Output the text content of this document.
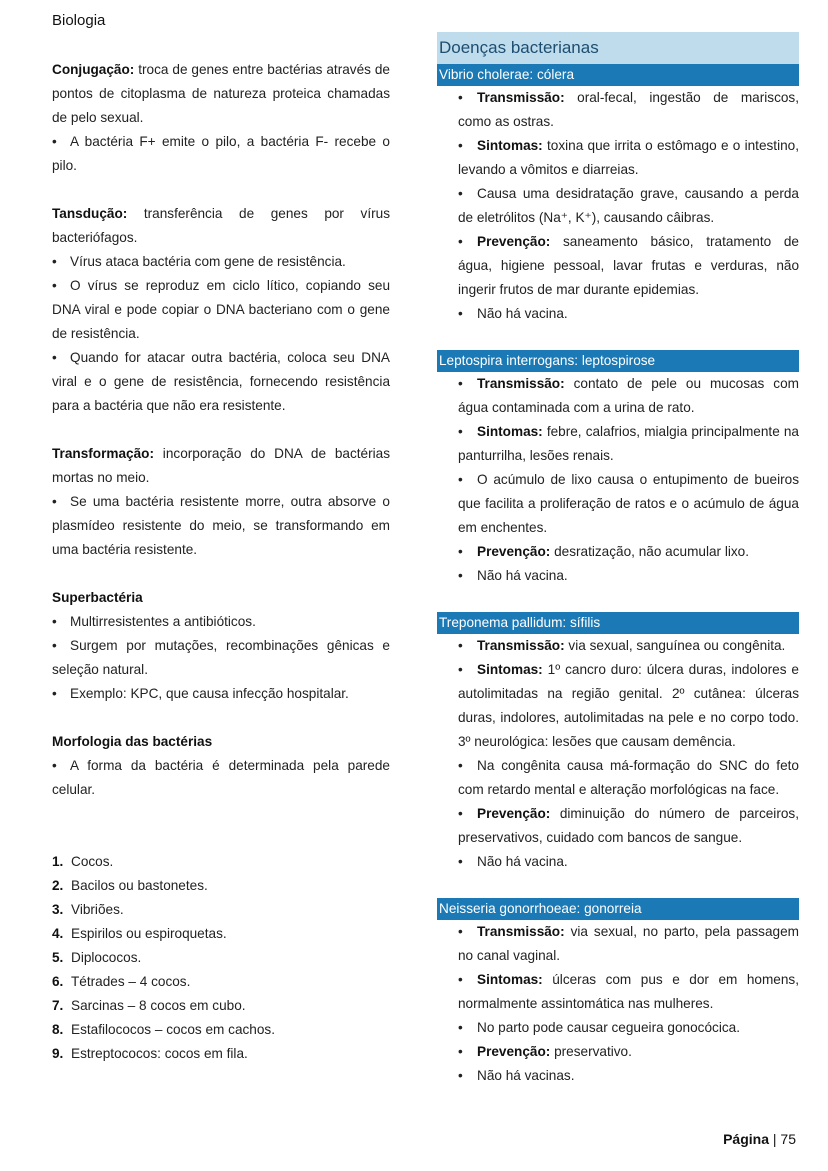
Biologia

Conjugação: troca de genes entre bactérias através de pontos de citoplasma de natureza proteica chamadas de pelo sexual.

• A bactéria F+ emite o pilo, a bactéria F- recebe o pilo.

Tansdução: transferência de genes por vírus bacteriófagos.

• Vírus ataca bactéria com gene de resistência.

• O vírus se reproduz em ciclo lítico, copiando seu DNA viral e pode copiar o DNA bacteriano com o gene de resistência.

• Quando for atacar outra bactéria, coloca seu DNA viral e o gene de resistência, fornecendo resistência para a bactéria que não era resistente.

Transformação: incorporação do DNA de bactérias mortas no meio.

• Se uma bactéria resistente morre, outra absorve o plasmídeo resistente do meio, se transformando em uma bactéria resistente.

Superbactéria

• Multirresistentes a antibióticos.

• Surgem por mutações, recombinações gênicas e seleção natural.

• Exemplo: KPC, que causa infecção hospitalar.

Morfologia das bactérias

• A forma da bactéria é determinada pela parede celular.

1. Cocos.
2. Bacilos ou bastonetes.
3. Vibriões.
4. Espirilos ou espiroquetas.
5. Diplococos.
6. Tétrades – 4 cocos.
7. Sarcinas – 8 cocos em cubo.
8. Estafilococos – cocos em cachos.
9. Estreptococos: cocos em fila.
Doenças bacterianas
Vibrio cholerae: cólera

• Transmissão: oral-fecal, ingestão de mariscos, como as ostras.

• Sintomas: toxina que irrita o estômago e o intestino, levando a vômitos e diarreias.

• Causa uma desidratação grave, causando a perda de eletrólitos (Na⁺, K⁺), causando câibras.

• Prevenção: saneamento básico, tratamento de água, higiene pessoal, lavar frutas e verduras, não ingerir frutos de mar durante epidemias.

• Não há vacina.

Leptospira interrogans: leptospirose

• Transmissão: contato de pele ou mucosas com água contaminada com a urina de rato.

• Sintomas: febre, calafrios, mialgia principalmente na panturrilha, lesões renais.

• O acúmulo de lixo causa o entupimento de bueiros que facilita a proliferação de ratos e o acúmulo de água em enchentes.

• Prevenção: desratização, não acumular lixo.

• Não há vacina.

Treponema pallidum: sífilis

• Transmissão: via sexual, sanguínea ou congênita.

• Sintomas: 1º cancro duro: úlcera duras, indolores e autolimitadas na região genital. 2º cutânea: úlceras duras, indolores, autolimitadas na pele e no corpo todo. 3º neurológica: lesões que causam demência.

• Na congênita causa má-formação do SNC do feto com retardo mental e alteração morfológicas na face.

• Prevenção: diminuição do número de parceiros, preservativos, cuidado com bancos de sangue.

• Não há vacina.

Neisseria gonorrhoeae: gonorreia

• Transmissão: via sexual, no parto, pela passagem no canal vaginal.

• Sintomas: úlceras com pus e dor em homens, normalmente assintomática nas mulheres.

• No parto pode causar cegueira gonocócica.

• Prevenção: preservativo.

• Não há vacinas.

Página | 75
